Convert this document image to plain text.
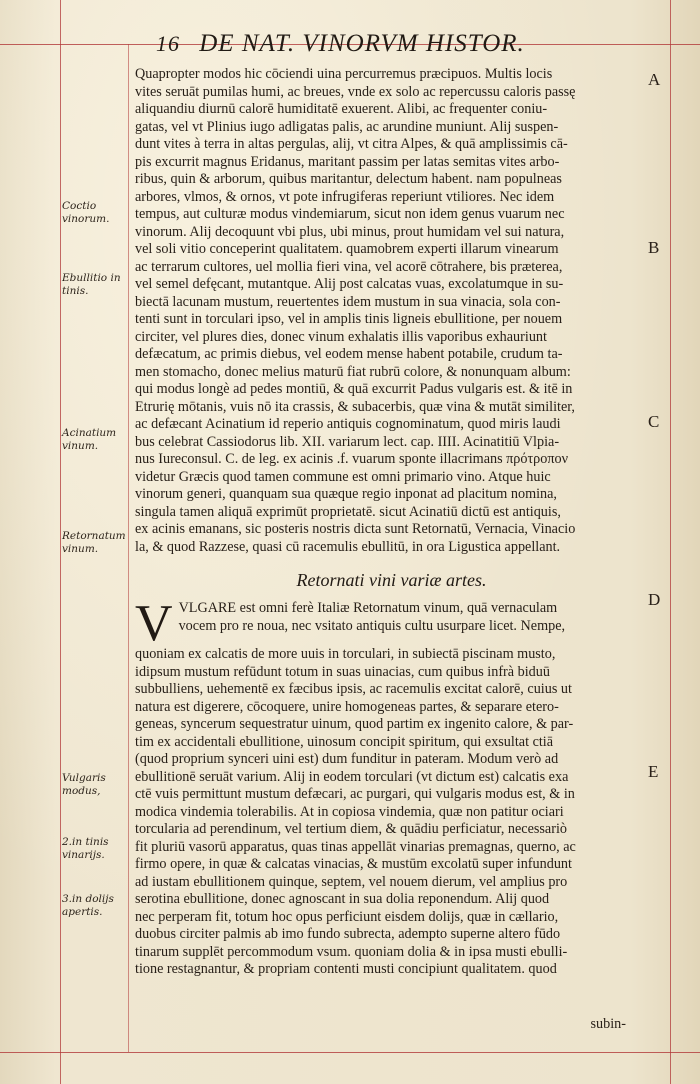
16 DE NAT. VINORVM HISTOR.
A
B
C
D
E
Coctio vinorum.
Ebullitio in tinis.
Acinatium vinum.
Retornatum vinum.
Vulgaris modus,
2.in tinis vinarijs.
3.in dolijs apertis.
Quapropter modos hic cōciendi uina percurremus præcipuos. Multis locis
vites seruāt pumilas humi, ac breues, vnde ex solo ac repercussu caloris passę
aliquandiu diurnū calorē humiditatē exuerent. Alibi, ac frequenter coniu-
gatas, vel vt Plinius iugo adligatas palis, ac arundine muniunt. Alij suspen-
dunt vites à terra in altas pergulas, alij, vt citra Alpes, & quā amplissimis cā-
pis excurrit magnus Eridanus, maritant passim per latas semitas vites arbo-
ribus, quin & arborum, quibus maritantur, delectum habent. nam populneas
arbores, vlmos, & ornos, vt pote infrugiferas reperiunt vtiliores. Nec idem
tempus, aut culturæ modus vindemiarum, sicut non idem genus vuarum nec
vinorum. Alij decoquunt vbi plus, ubi minus, prout humidam vel sui natura,
vel soli vitio conceperint qualitatem. quamobrem experti illarum vinearum
ac terrarum cultores, uel mollia fieri vina, vel acorē cōtrahere, bis præterea,
vel semel defęcant, mutantque. Alij post calcatas vuas, excolatumque in su-
biectā lacunam mustum, reuertentes idem mustum in sua vinacia, sola con-
tenti sunt in torculari ipso, vel in amplis tinis ligneis ebullitione, per nouem
circiter, vel plures dies, donec vinum exhalatis illis vaporibus exhauriunt
defæcatum, ac primis diebus, vel eodem mense habent potabile, crudum ta-
men stomacho, donec melius maturū fiat rubrū colore, & nonunquam album:
qui modus longè ad pedes montiū, & quā excurrit Padus vulgaris est. & itē in
Etrurię mōtanis, vuis nō ita crassis, & subacerbis, quæ vina & mutāt similiter,
ac defæcant Acinatium id reperio antiquis cognominatum, quod miris laudi
bus celebrat Cassiodorus lib. XII. variarum lect. cap. IIII. Acinatitiū Vlpia-
nus Iureconsul. C. de leg. ex acinis .f. vuarum sponte illacrimans πρότροπον
videtur Græcis quod tamen commune est omni primario vino. Atque huic
vinorum generi, quanquam sua quæque regio inponat ad placitum nomina,
singula tamen aliquā exprimūt proprietatē. sicut Acinatiū dictū est antiquis,
ex acinis emanans, sic posteris nostris dicta sunt Retornatū, Vernacia, Vinacio
la, & quod Razzese, quasi cū racemulis ebullitū, in ora Ligustica appellant.
Retornati vini variæ artes.
V VLGARE est omni ferè Italiæ Retornatum vinum, quā vernaculam
vocem pro re noua, nec vsitato antiquis cultu usurpare licet. Nempe,
quoniam ex calcatis de more uuis in torculari, in subiectā piscinam musto,
idipsum mustum refūdunt totum in suas uinacias, cum quibus infrà biduū
subbulliens, uehementē ex fæcibus ipsis, ac racemulis excitat calorē, cuius ut
natura est digerere, cōcoquere, unire homogeneas partes, & separare etero-
geneas, syncerum sequestratur uinum, quod partim ex ingenito calore, & par-
tim ex accidentali ebullitione, uinosum concipit spiritum, qui exsultat ctiā
(quod proprium synceri uini est) dum funditur in pateram. Modum verò ad
ebullitionē seruāt varium. Alij in eodem torculari (vt dictum est) calcatis exa
ctē vuis permittunt mustum defæcari, ac purgari, qui vulgaris modus est, & in
modica vindemia tolerabilis. At in copiosa vindemia, quæ non patitur ociari
torcularia ad perendinum, vel tertium diem, & quādiu perficiatur, necessariò
fit pluriū vasorū apparatus, quas tinas appellāt vinarias premagnas, querno, ac
firmo opere, in quæ & calcatas vinacias, & mustūm excolatū super infundunt
ad iustam ebullitionem quinque, septem, vel nouem dierum, vel amplius pro
serotina ebullitione, donec agnoscant in sua dolia reponendum. Alij quod
nec perperam fit, totum hoc opus perficiunt eisdem dolijs, quæ in cællario,
duobus circiter palmis ab imo fundo subrecta, adempto superne altero fūdo
tinarum supplēt percommodum vsum. quoniam dolia & in ipsa musti ebulli-
tione restagnantur, & propriam contenti musti concipiunt qualitatem. quod
subin-
